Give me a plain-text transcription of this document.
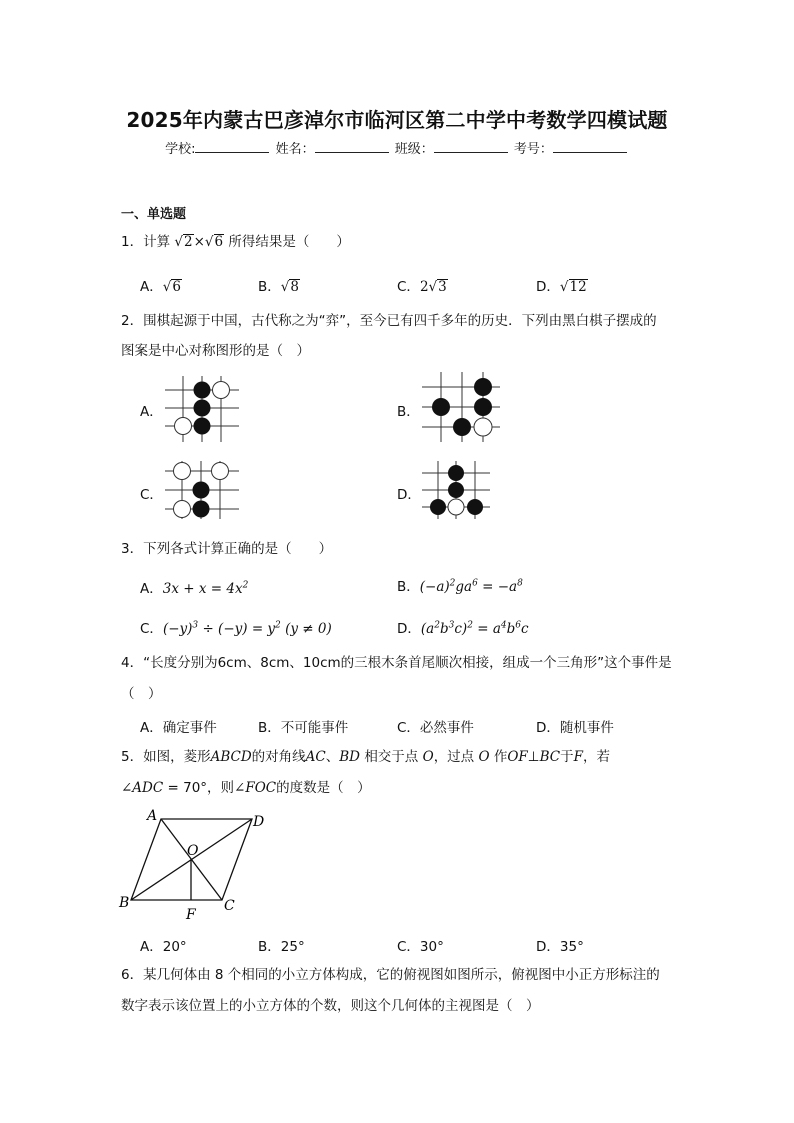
2025年内蒙古巴彦淖尔市临河区第二中学中考数学四模试题
学校:	姓名：	班级：	考号：
一、单选题
1．计算 √2×√6 所得结果是（　　）
A．√6	B．√8	C．2√3	D．√12
2．围棋起源于中国，古代称之为“弈”，至今已有四千多年的历史．下列由黑白棋子摆成的
图案是中心对称图形的是（　）
A．	B．
C．	D．
3．下列各式计算正确的是（　　）
A．$3x + x = 4x^2$	B．$(-a)^2ga^6 = -a^8$
C．$(-y)^3 \div (-y) = y^2$ (y ≠ 0)	D．$(a^2b^3c)^2 = a^4b^6c$
4．“长度分别为6cm、8cm、10cm的三根木条首尾顺次相接，组成一个三角形”这个事件是
（　）
A．确定事件	B．不可能事件	C．必然事件	D．随机事件
5．如图，菱形ABCD的对角线AC、BD 相交于点 O，过点 O 作OF⊥BC于F，若
∠ADC = 70°，则∠FOC的度数是（　）
A	D
O
B	C
F
A．20°	B．25°	C．30°	D．35°
6．某几何体由 8 个相同的小立方体构成，它的俯视图如图所示，俯视图中小正方形标注的
数字表示该位置上的小立方体的个数，则这个几何体的主视图是（　）
